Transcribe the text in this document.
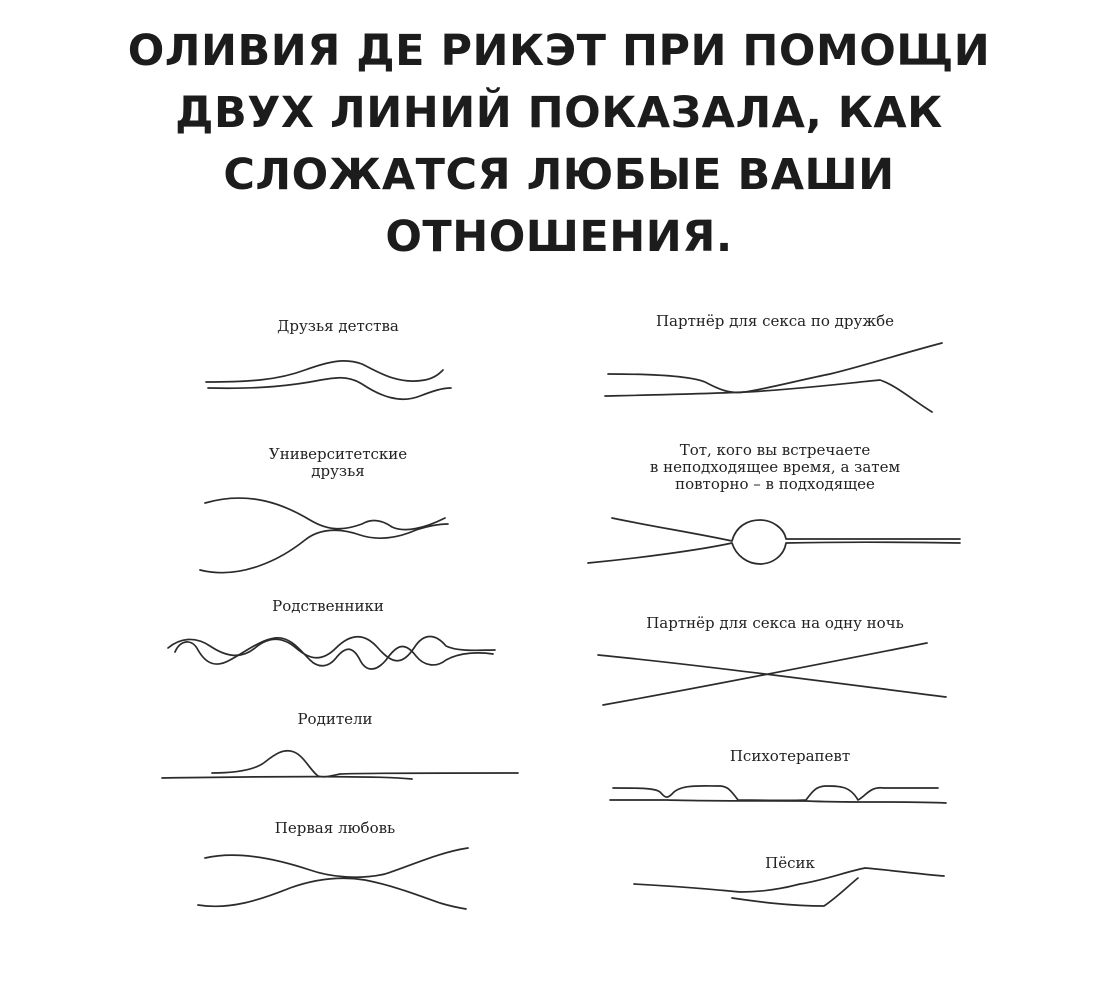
ОЛИВИЯ ДЕ РИКЭТ ПРИ ПОМОЩИ
ДВУХ ЛИНИЙ ПОКАЗАЛА, КАК
СЛОЖАТСЯ ЛЮБЫЕ ВАШИ
ОТНОШЕНИЯ.

Друзья детства

Университетские
друзья

Родственники

Родители

Первая любовь

Партнёр для секса по дружбе

Тот, кого вы встречаете
в неподходящее время, а затем
повторно – в подходящее

Партнёр для секса на одну ночь

Психотерапевт

Пёсик
